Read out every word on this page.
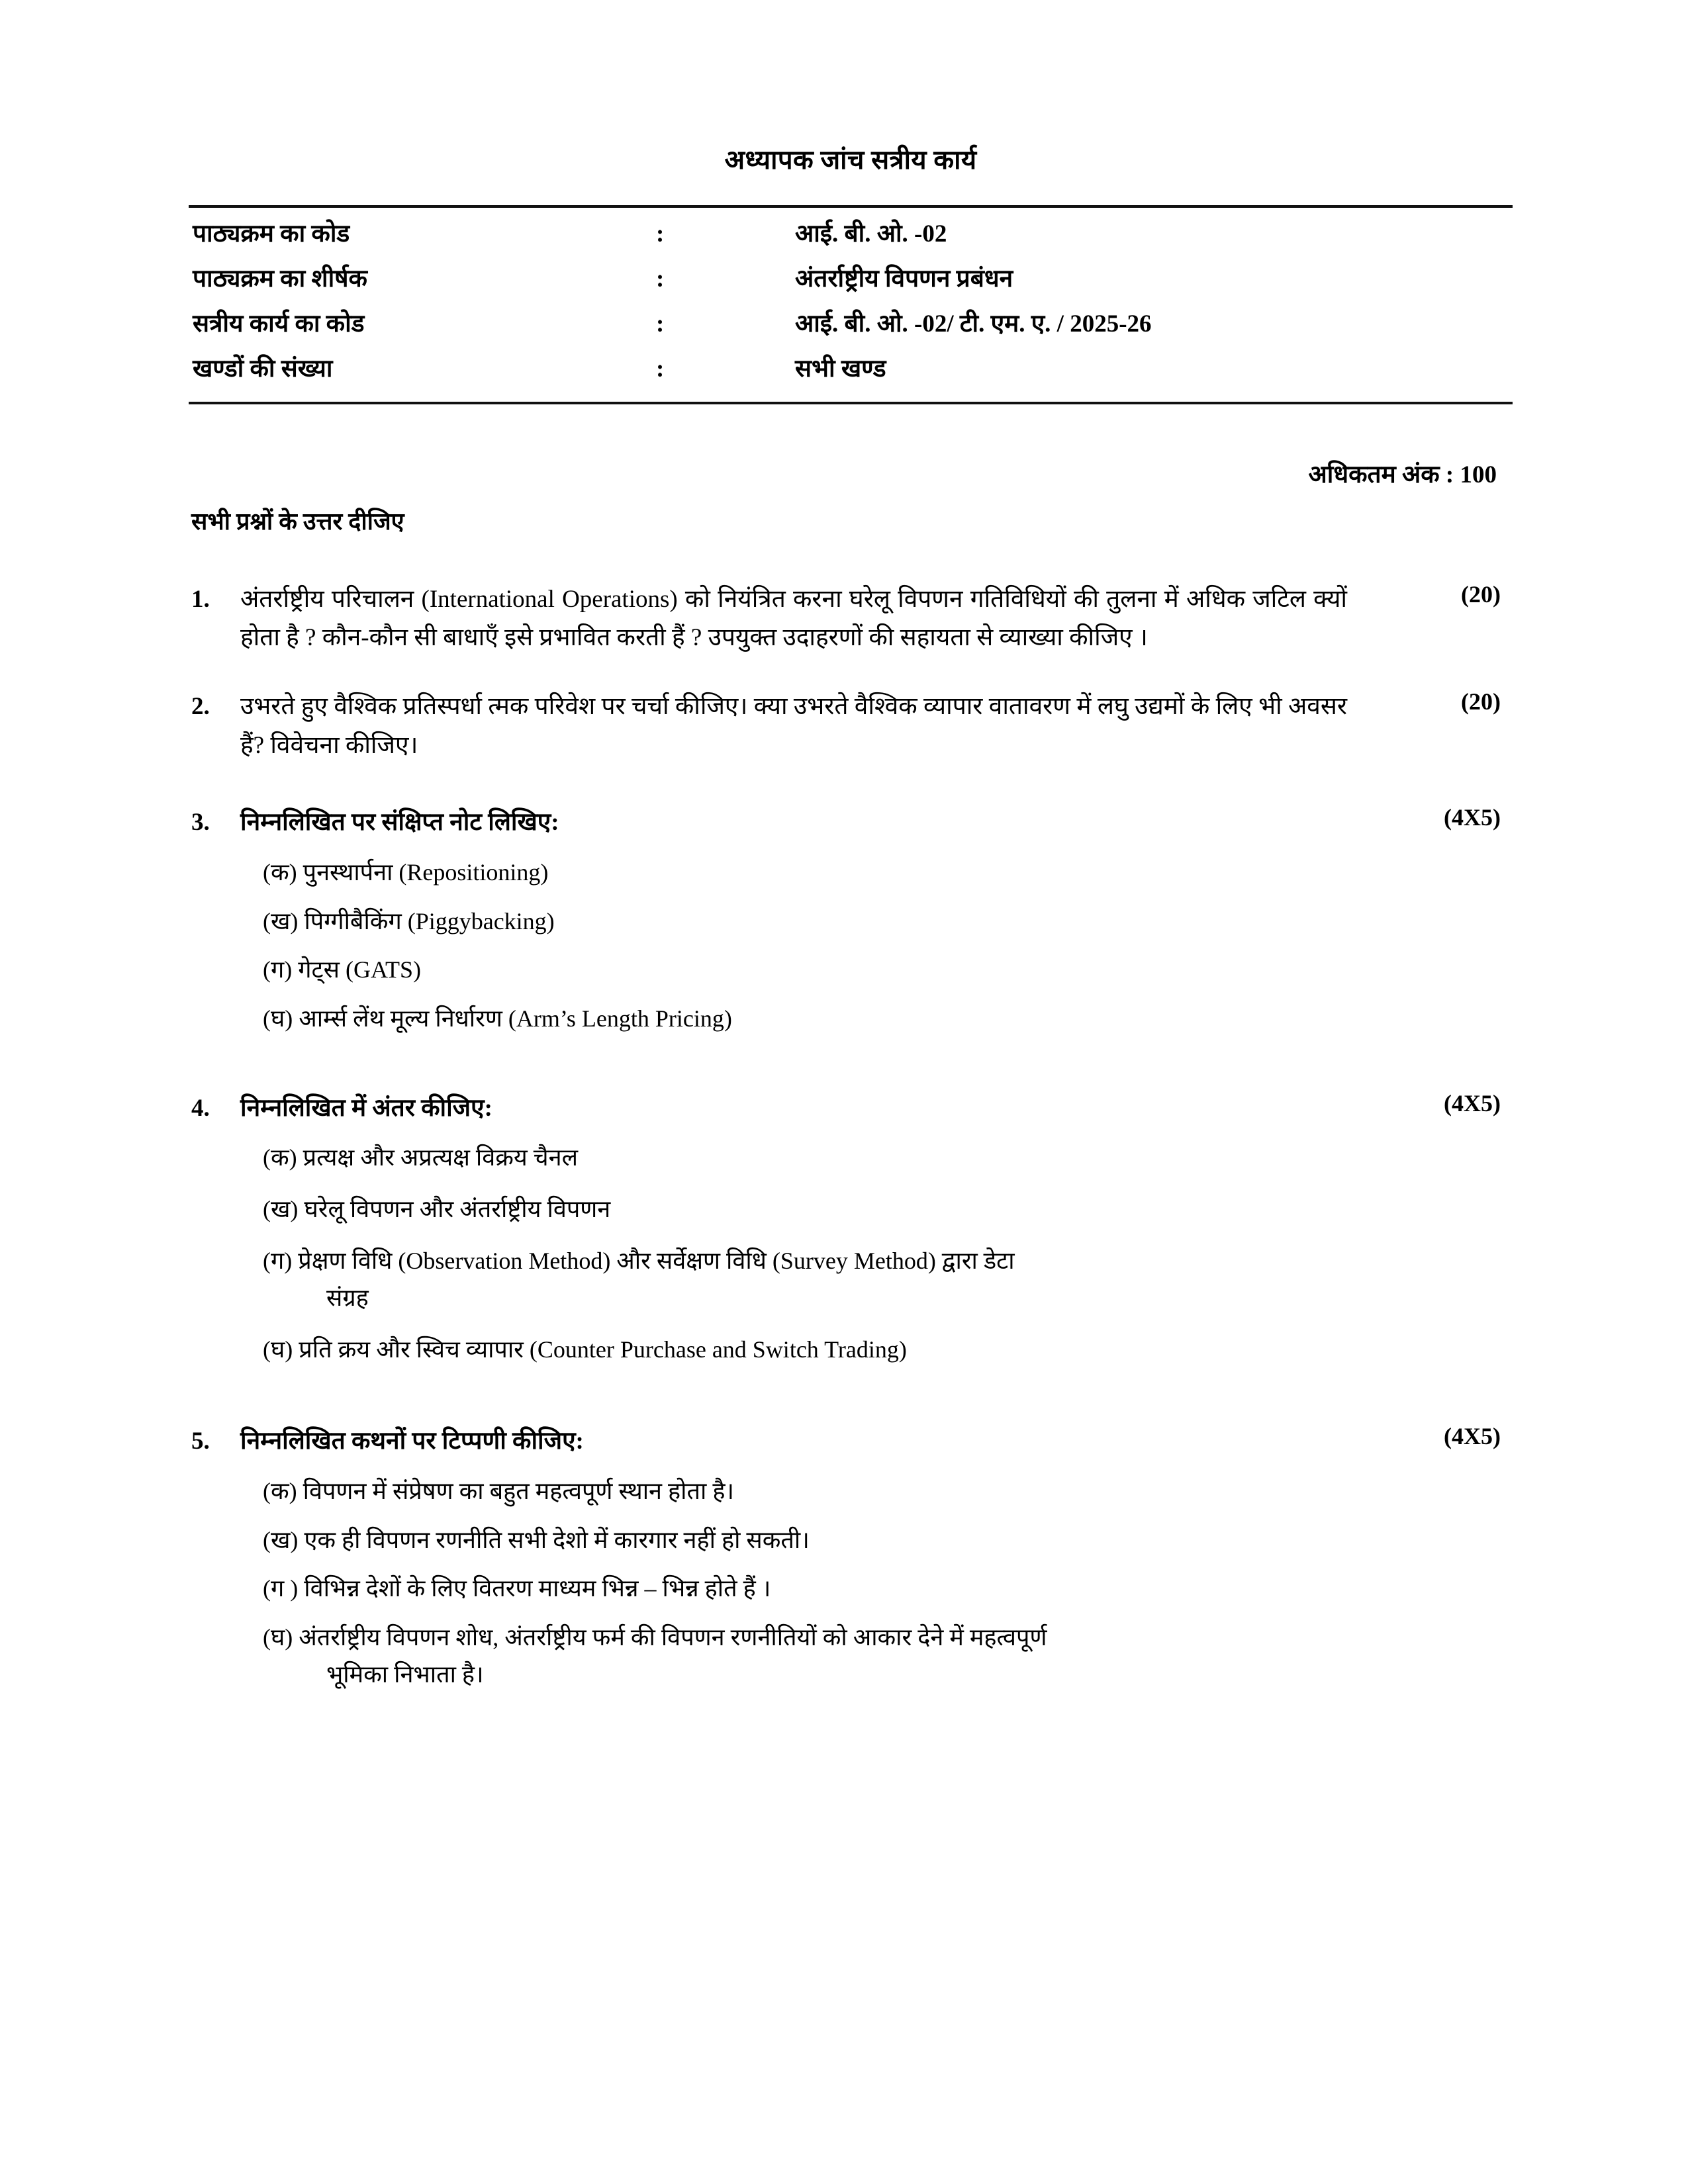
अध्यापक जांच सत्रीय कार्य
पाठ्यक्रम का कोड	:	आई. बी. ओ. -02
पाठ्यक्रम का शीर्षक	:	अंतर्राष्ट्रीय विपणन प्रबंधन
सत्रीय कार्य का कोड	:	आई. बी. ओ. -02/ टी. एम. ए. / 2025-26
खण्डों की संख्या	:	सभी खण्ड
अधिकतम अंक : 100
सभी प्रश्नों के उत्तर दीजिए
1.	अंतर्राष्ट्रीय परिचालन (International Operations) को नियंत्रित करना घरेलू विपणन गतिविधियों की तुलना में अधिक जटिल क्यों होता है ? कौन-कौन सी बाधाएँ इसे प्रभावित करती हैं ? उपयुक्त उदाहरणों की सहायता से व्याख्या कीजिए ।
(20)
2.	उभरते हुए वैश्विक प्रतिस्पर्धा त्मक परिवेश पर चर्चा कीजिए। क्या उभरते वैश्विक व्यापार वातावरण में लघु उद्यमों के लिए भी अवसर हैं? विवेचना कीजिए।
(20)
3.	निम्नलिखित पर संक्षिप्त नोट लिखिए:
(क) पुनस्थार्पना (Repositioning)
(ख) पिग्गीबैकिंग (Piggybacking)
(ग) गेट्स (GATS)
(घ) आर्म्स लेंथ मूल्य निर्धारण (Arm’s Length Pricing)
(4X5)
4.	निम्नलिखित में अंतर कीजिए:
(क) प्रत्यक्ष और अप्रत्यक्ष विक्रय चैनल
(ख) घरेलू विपणन और अंतर्राष्ट्रीय विपणन
(ग) प्रेक्षण विधि (Observation Method) और सर्वेक्षण विधि (Survey Method) द्वारा डेटा
संग्रह
(घ) प्रति क्रय और स्विच व्यापार (Counter Purchase and Switch Trading)
(4X5)
5.	निम्नलिखित कथनों पर टिप्पणी कीजिए:
(क) विपणन में संप्रेषण का बहुत महत्वपूर्ण स्थान होता है।
(ख) एक ही विपणन रणनीति सभी देशो में कारगार नहीं हो सकती।
(ग ) विभिन्न देशों के लिए वितरण माध्यम भिन्न – भिन्न होते हैं ।
(घ) अंतर्राष्ट्रीय विपणन शोध, अंतर्राष्ट्रीय फर्म की विपणन रणनीतियों को आकार देने में महत्वपूर्ण
भूमिका निभाता है।
(4X5)
